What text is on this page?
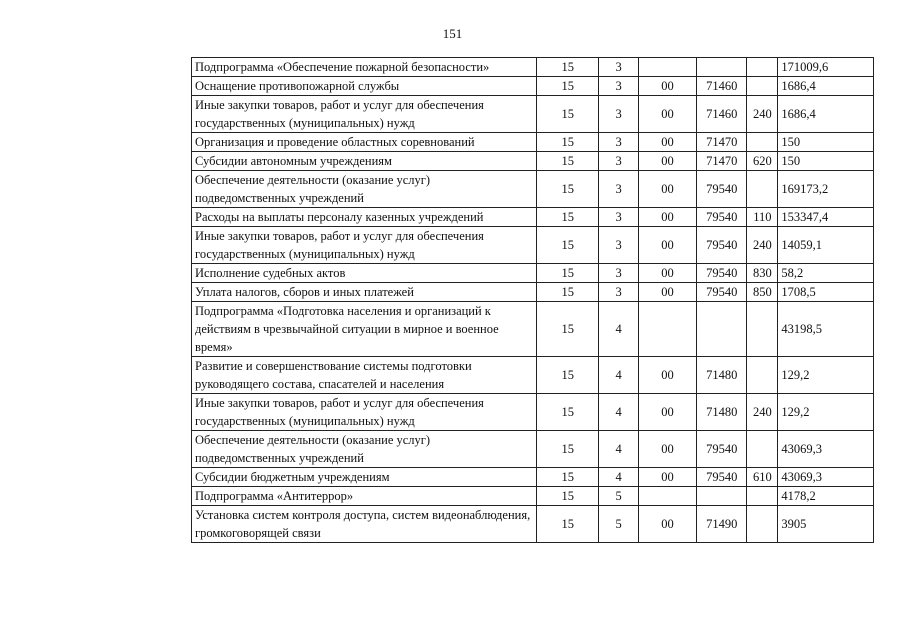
151
Подпрограмма «Обеспечение пожарной безопасности»	15	3				171009,6
Оснащение противопожарной службы	15	3	00	71460		1686,4
Иные закупки товаров, работ и услуг для обеспечения государственных (муниципальных) нужд	15	3	00	71460	240	1686,4
Организация и проведение областных соревнований	15	3	00	71470		150
Субсидии автономным учреждениям	15	3	00	71470	620	150
Обеспечение деятельности (оказание услуг) подведомственных учреждений	15	3	00	79540		169173,2
Расходы на выплаты персоналу казенных учреждений	15	3	00	79540	110	153347,4
Иные закупки товаров, работ и услуг для обеспечения государственных (муниципальных) нужд	15	3	00	79540	240	14059,1
Исполнение судебных актов	15	3	00	79540	830	58,2
Уплата налогов, сборов и иных платежей	15	3	00	79540	850	1708,5
Подпрограмма «Подготовка населения и организаций к действиям в чрезвычайной ситуации в мирное и военное время»	15	4				43198,5
Развитие и совершенствование системы подготовки руководящего состава, спасателей и населения	15	4	00	71480		129,2
Иные закупки товаров, работ и услуг для обеспечения государственных (муниципальных) нужд	15	4	00	71480	240	129,2
Обеспечение деятельности (оказание услуг) подведомственных учреждений	15	4	00	79540		43069,3
Субсидии бюджетным учреждениям	15	4	00	79540	610	43069,3
Подпрограмма «Антитеррор»	15	5				4178,2
Установка систем контроля доступа, систем видеонаблюдения, громкоговорящей связи	15	5	00	71490		3905
